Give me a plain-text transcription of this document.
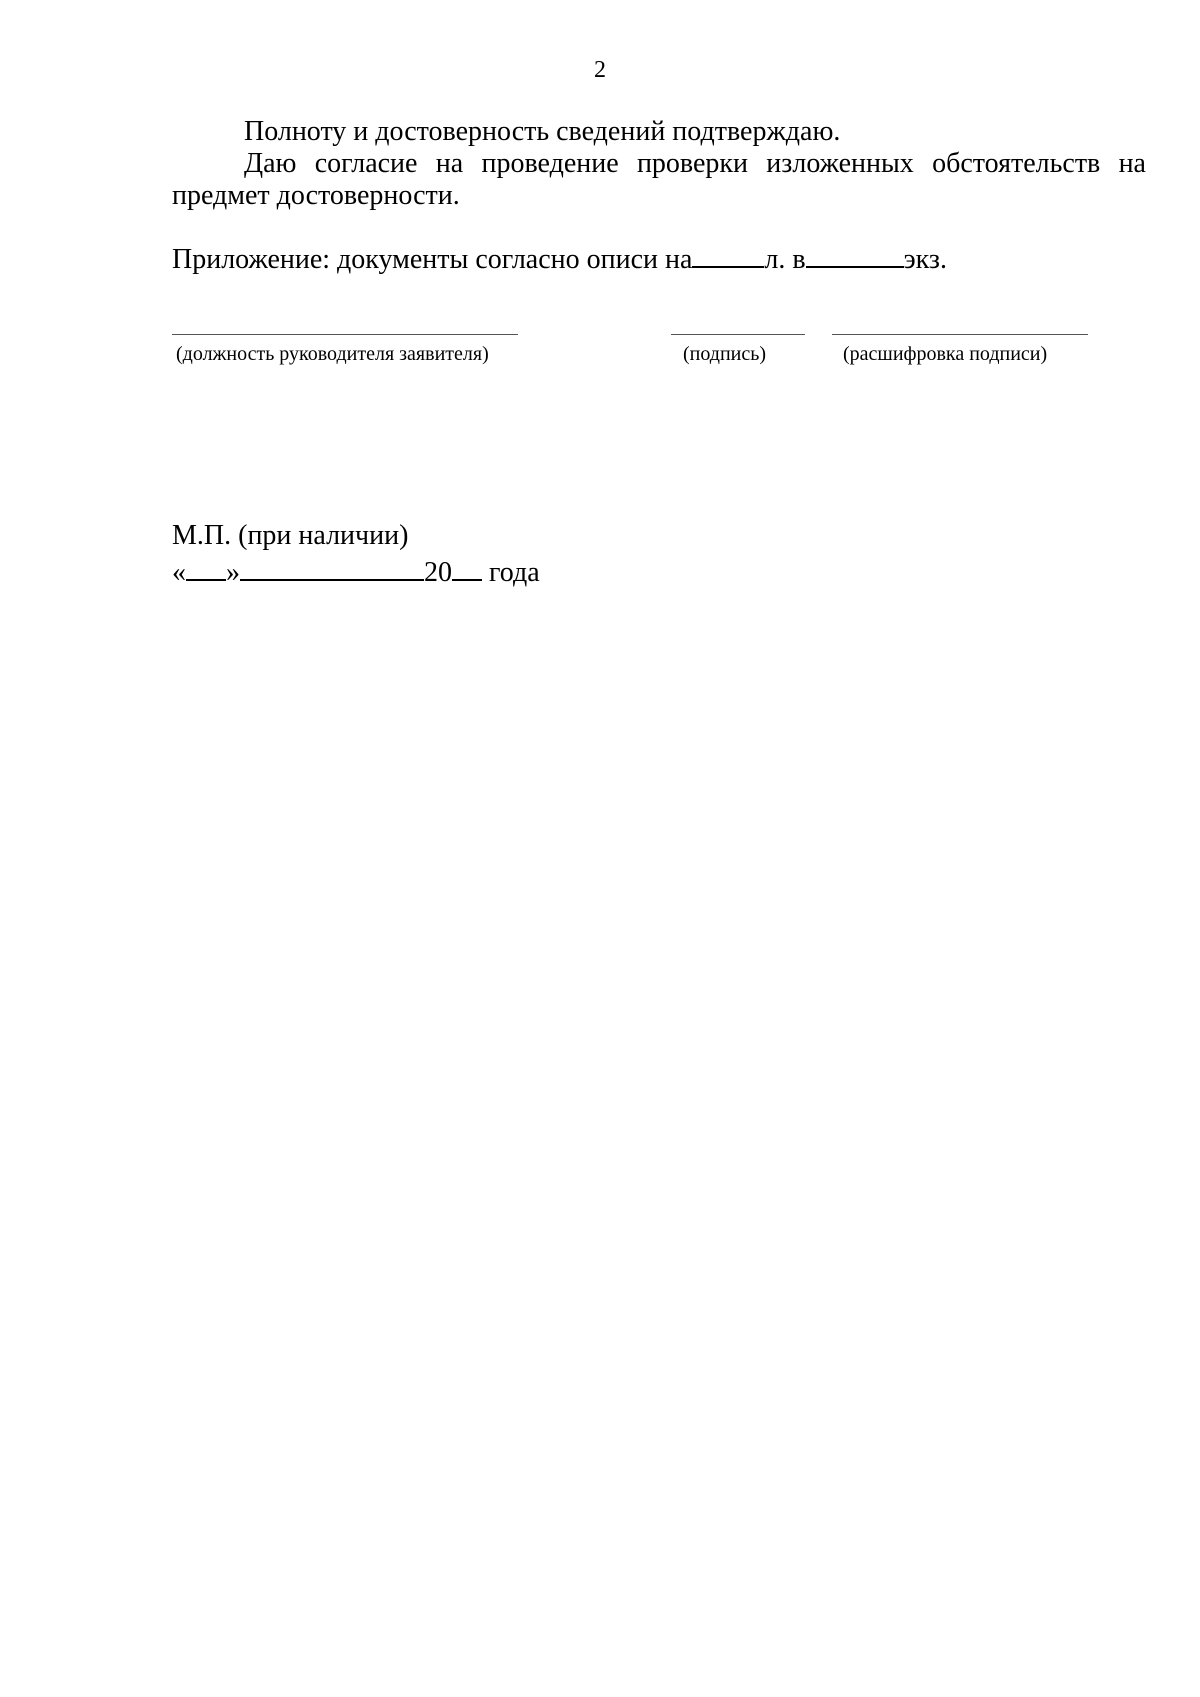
2
Полноту и достоверность сведений подтверждаю.
Даю согласие на проведение проверки изложенных обстоятельств на предмет достоверности.
Приложение: документы согласно описи на	л. в	экз.
(должность руководителя заявителя)	(подпись)	(расшифровка подписи)
М.П. (при наличии)
« »	20 года
